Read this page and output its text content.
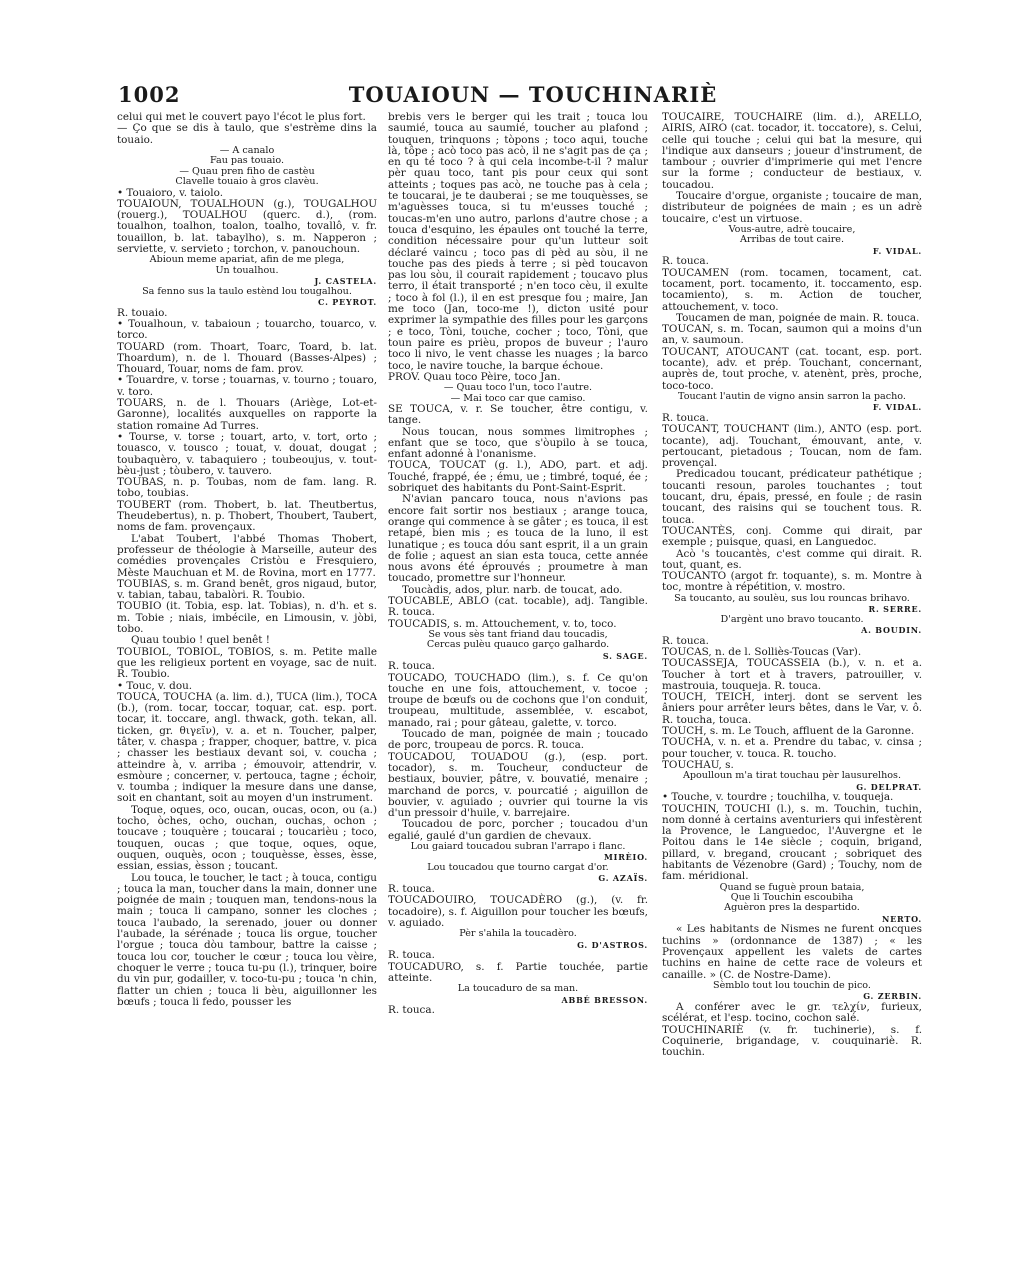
1002	TOUAIOUN — TOUCHINARIÈ

celui qui met le couvert payo l'écot le plus fort.

— Ço que se dis à taulo, que s'estrème dins la touaio.

— A canalo

Fau pas touaio.

— Quau pren fiho de castèu

Clavelle touaio à gros clavèu.

• Touaioro, v. taiolo.

TOUAIOUN, TOUALHOUN (g.), TOUGALHOU (rouerg.), TOUALHOU (querc. d.), (rom. toualhon, toalhon, toalon, toalho, tovallô, v. fr. touaillon, b. lat. tabaylho), s. m. Napperon ; serviette, v. servieto ; torchon, v. panouchoun.

Abioun meme apariat, afin de me plega,

Un toualhou.

J. CASTELA.

Sa fenno sus la taulo estènd lou tougalhou.

C. PEYROT.

R. touaio.

• Toualhoun, v. tabaioun ; touarcho, touarco, v. torco.

TOUARD (rom. Thoart, Toarc, Toard, b. lat. Thoardum), n. de l. Thouard (Basses-Alpes) ; Thouard, Touar, noms de fam. prov.

• Touardre, v. torse ; touarnas, v. tourno ; touaro, v. toro.

TOUARS, n. de l. Thouars (Ariège, Lot-et-Garonne), localités auxquelles on rapporte la station romaine Ad Turres.

• Tourse, v. torse ; touart, arto, v. tort, orto ; touasco, v. tousco ; touat, v. douat, dougat ; toubaquèro, v. tabaquiero ; toubeoujus, v. tout-bèu-just ; tòubero, v. tauvero.

TOUBAS, n. p. Toubas, nom de fam. lang. R. tobo, toubias.

TOUBERT (rom. Thobert, b. lat. Theutbertus, Theudebertus), n. p. Thobert, Thoubert, Taubert, noms de fam. provençaux.

L'abat Toubert, l'abbé Thomas Thobert, professeur de théologie à Marseille, auteur des comédies provençales Cristòu e Fresquiero, Mèste Mauchuan et M. de Rovina, mort en 1777.

TOUBIAS, s. m. Grand benêt, gros nigaud, butor, v. tabian, tabau, tabalòri. R. Toubio.

TOUBIO (it. Tobia, esp. lat. Tobias), n. d'h. et s. m. Tobie ; niais, imbécile, en Limousin, v. jòbi, tobo.

Quau toubio ! quel benêt !

TOUBIOL, TOBIOL, TOBIOS, s. m. Petite malle que les religieux portent en voyage, sac de nuit. R. Toubio.

• Touc, v. dou.

TOUCA, TOUCHA (a. lim. d.), TUCA (lim.), TOCA (b.), (rom. tocar, toccar, toquar, cat. esp. port. tocar, it. toccare, angl. thwack, goth. tekan, all. ticken, gr. θιγεῖν), v. a. et n. Toucher, palper, tâter, v. chaspa ; frapper, choquer, battre, v. pica ; chasser les bestiaux devant soi, v. coucha ; atteindre à, v. arriba ; émouvoir, attendrir, v. esmòure ; concerner, v. pertouca, tagne ; échoir, v. toumba ; indiquer la mesure dans une danse, soit en chantant, soit au moyen d'un instrument.

Toque, oques, oco, oucan, oucas, ocon, ou (a.) tocho, òches, ocho, ouchan, ouchas, ochon ; toucave ; touquère ; toucarai ; toucarièu ; toco, touquen, oucas ; que toque, oques, oque, ouquen, ouquès, ocon ; touquèsse, èsses, èsse, essian, essias, èsson ; toucant.

Lou touca, le toucher, le tact ; à touca, contigu ; touca la man, toucher dans la main, donner une poignée de main ; touquen man, tendons-nous la main ; touca li campano, sonner les cloches ; touca l'aubado, la serenado, jouer ou donner l'aubade, la sérénade ; touca lis orgue, toucher l'orgue ; touca dòu tambour, battre la caisse ; touca lou cor, toucher le cœur ; touca lou vèire, choquer le verre ; touca tu-pu (l.), trinquer, boire du vin pur, godailler, v. toco-tu-pu ; touca 'n chin, flatter un chien ; touca li bèu, aiguillonner les bœufs ; touca li fedo, pousser les

brebis vers le berger qui les trait ; touca lou saumié, touca au saumié, toucher au plafond ; touquen, trinquons ; tòpons ; toco aqui, touche là, tôpe ; acò toco pas acò, il ne s'agit pas de ça ; en qu té toco ? à qui cela incombe-t-il ? malur pèr quau toco, tant pis pour ceux qui sont atteints ; toques pas acò, ne touche pas à cela ; te toucarai, je te dauberai ; se me touquèsses, se m'aguèsses touca, si tu m'eusses touché ; toucas-m'en uno autro, parlons d'autre chose ; a touca d'esquino, les épaules ont touché la terre, condition nécessaire pour qu'un lutteur soit déclaré vaincu ; toco pas di pèd au sòu, il ne touche pas des pieds à terre ; si pèd toucavon pas lou sòu, il courait rapidement ; toucavo plus terro, il était transporté ; n'en toco cèu, il exulte ; toco à fol (l.), il en est presque fou ; maire, Jan me toco (Jan, toco-me !), dicton usité pour exprimer la sympathie des filles pour les garçons ; e toco, Tòni, touche, cocher ; toco, Tòni, que toun paire es prièu, propos de buveur ; l'auro toco li nivo, le vent chasse les nuages ; la barco toco, le navire touche, la barque échoue.

PROV. Quau toco Pèire, toco Jan.

— Quau toco l'un, toco l'autre.

— Mai toco car que camiso.

SE TOUCA, v. r. Se toucher, être contigu, v. tange.

Nous toucan, nous sommes limitrophes ; enfant que se toco, que s'òupilo à se touca, enfant adonné à l'onanisme.

TOUCA, TOUCAT (g. l.), ADO, part. et adj. Touché, frappé, ée ; ému, ue ; timbré, toqué, ée ; sobriquet des habitants du Pont-Saint-Esprit.

N'avian pancaro touca, nous n'avions pas encore fait sortir nos bestiaux ; arange touca, orange qui commence à se gâter ; es touca, il est retapé, bien mis ; es touca de la luno, il est lunatique ; es touca dóu sant esprit, il a un grain de folie ; aquest an sian esta touca, cette année nous avons été éprouvés ; proumetre à man toucado, promettre sur l'honneur.

Toucàdis, ados, plur. narb. de toucat, ado.

TOUCABLE, ABLO (cat. tocable), adj. Tangible. R. touca.

TOUCADIS, s. m. Attouchement, v. to, toco.

Se vous sès tant friand dau toucadis,

Cercas pulèu quauco garço galhardo.

S. SAGE.

R. touca.

TOUCADO, TOUCHADO (lim.), s. f. Ce qu'on touche en une fois, attouchement, v. tocoe ; troupe de bœufs ou de cochons que l'on conduit, troupeau, multitude, assemblée, v. escabot, manado, rai ; pour gâteau, galette, v. torco.

Toucado de man, poignée de main ; toucado de porc, troupeau de porcs. R. touca.

TOUCADOU, TOUADOU (g.), (esp. port. tocador), s. m. Toucheur, conducteur de bestiaux, bouvier, pâtre, v. bouvatié, menaire ; marchand de porcs, v. pourcatié ; aiguillon de bouvier, v. aguiado ; ouvrier qui tourne la vis d'un pressoir d'huile, v. barrejaire.

Toucadou de porc, porcher ; toucadou d'un egalié, gaulé d'un gardien de chevaux.

Lou gaiard toucadou subran l'arrapo i flanc.

MIRÈIO.

Lou toucadou que tourno cargat d'or.

G. AZAÏS.

R. touca.

TOUCADOUIRO, TOUCADÈRO (g.), (v. fr. tocadoire), s. f. Aiguillon pour toucher les bœufs, v. aguiado.

Pèr s'ahila la toucadèro.

G. D'ASTROS.

R. touca.

TOUCADURO, s. f. Partie touchée, partie atteinte.

La toucaduro de sa man.

ABBÉ BRESSON.

R. touca.

TOUCAIRE, TOUCHAIRE (lim. d.), ARELLO, AIRIS, AIRO (cat. tocador, it. toccatore), s. Celui, celle qui touche ; celui qui bat la mesure, qui l'indique aux danseurs ; joueur d'instrument, de tambour ; ouvrier d'imprimerie qui met l'encre sur la forme ; conducteur de bestiaux, v. toucadou.

Toucaire d'orgue, organiste ; toucaire de man, distributeur de poignées de main ; es un adrè toucaire, c'est un virtuose.

Vous-autre, adrè toucaire,

Arribas de tout caire.

F. VIDAL.

R. touca.

TOUCAMEN (rom. tocamen, tocament, cat. tocament, port. tocamento, it. toccamento, esp. tocamiento), s. m. Action de toucher, attouchement, v. toco.

Toucamen de man, poignée de main. R. touca.

TOUCAN, s. m. Tocan, saumon qui a moins d'un an, v. saumoun.

TOUCANT, ATOUCANT (cat. tocant, esp. port. tocante), adv. et prép. Touchant, concernant, auprès de, tout proche, v. atenènt, près, proche, toco-toco.

Toucant l'autin de vigno ansin sarron la pacho.

F. VIDAL.

R. touca.

TOUCANT, TOUCHANT (lim.), ANTO (esp. port. tocante), adj. Touchant, émouvant, ante, v. pertoucant, pietadous ; Toucan, nom de fam. provençal.

Predicadou toucant, prédicateur pathétique ; toucanti resoun, paroles touchantes ; tout toucant, dru, épais, pressé, en foule ; de rasin toucant, des raisins qui se touchent tous. R. touca.

TOUCANTÈS, conj. Comme qui dirait, par exemple ; puisque, quasi, en Languedoc.

Acò 's toucantès, c'est comme qui dirait. R. tout, quant, es.

TOUCANTO (argot fr. toquante), s. m. Montre à toc, montre à répétition, v. mostro.

Sa toucanto, au soulèu, sus lou rouncas brihavo.

R. SERRE.

D'argènt uno bravo toucanto.

A. BOUDIN.

R. touca.

TOUCAS, n. de l. Solliès-Toucas (Var).

TOUCASSEJA, TOUCASSEIA (b.), v. n. et a. Toucher à tort et à travers, patrouiller, v. mastrouia, touqueja. R. touca.

TOUCH, TEICH, interj. dont se servent les âniers pour arrêter leurs bêtes, dans le Var, v. ô. R. toucha, touca.

TOUCH, s. m. Le Touch, affluent de la Garonne.

TOUCHA, v. n. et a. Prendre du tabac, v. cinsa ; pour toucher, v. touca. R. toucho.

TOUCHAU, s.

Apoulloun m'a tirat touchau pèr lausurelhos.

G. DELPRAT.

• Touche, v. tourdre ; touchilha, v. touqueja.

TOUCHIN, TOUCHI (l.), s. m. Touchin, tuchin, nom donné à certains aventuriers qui infestèrent la Provence, le Languedoc, l'Auvergne et le Poitou dans le 14e siècle ; coquin, brigand, pillard, v. bregand, croucant ; sobriquet des habitants de Vézenobre (Gard) ; Touchy, nom de fam. méridional.

Quand se fuguè proun bataia,

Que li Touchin escoubiha

Aguèron pres la despartido.

NERTO.

« Les habitants de Nismes ne furent oncques tuchins » (ordonnance de 1387) ; « les Provençaux appellent les valets de cartes tuchins en haine de cette race de voleurs et canaille. » (C. de Nostre-Dame).

Sèmblo tout lou touchin de pico.

G. ZERBIN.

A conférer avec le gr. τελχίν, furieux, scélérat, et l'esp. tocino, cochon salé.

TOUCHINARIÈ (v. fr. tuchinerie), s. f. Coquinerie, brigandage, v. couquinariè. R. touchin.
